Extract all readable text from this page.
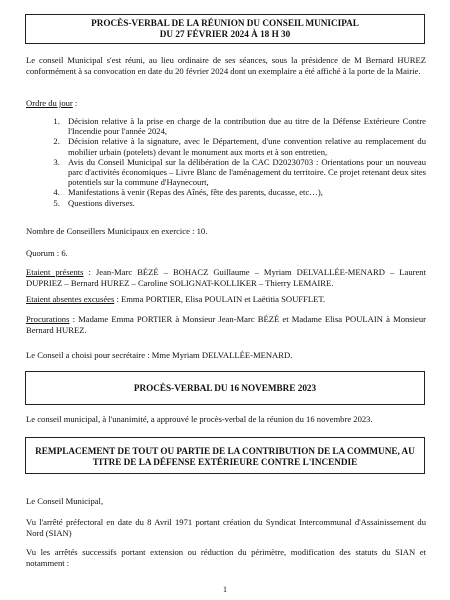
PROCÈS-VERBAL DE LA RÉUNION DU CONSEIL MUNICIPAL
DU 27 FÉVRIER 2024 À 18 H 30
Le conseil Municipal s'est réuni, au lieu ordinaire de ses séances, sous la présidence de M Bernard HUREZ conformément à sa convocation en date du 20 février 2024 dont un exemplaire a été affiché à la porte de la Mairie.
Ordre du jour :
1. Décision relative à la prise en charge de la contribution due au titre de la Défense Extérieure Contre l'Incendie pour l'année 2024,
2. Décision relative à la signature, avec le Département, d'une convention relative au remplacement du mobilier urbain (potelets) devant le monument aux morts et à son entretien,
3. Avis du Conseil Municipal sur la délibération de la CAC D20230703 : Orientations pour un nouveau parc d'activités économiques – Livre Blanc de l'aménagement du territoire. Ce projet retenant deux sites potentiels sur la commune d'Haynecourt,
4. Manifestations à venir (Repas des Aînés, fête des parents, ducasse, etc…),
5. Questions diverses.
Nombre de Conseillers Municipaux en exercice : 10.
Quorum : 6.
Etaient présents : Jean-Marc BÉZÉ – BOHACZ Guillaume – Myriam DELVALLÉE-MENARD – Laurent DUPRIEZ – Bernard HUREZ – Caroline SOLIGNAT-KOLLIKER – Thierry LEMAIRE.
Etaient absentes excusées : Emma PORTIER, Elisa POULAIN et Laëtitia SOUFFLET.
Procurations : Madame Emma PORTIER à Monsieur Jean-Marc BÉZÉ et Madame Elisa POULAIN à Monsieur Bernard HUREZ.
Le Conseil a choisi pour secrétaire : Mme Myriam DELVALLÉE-MENARD.
PROCÈS-VERBAL DU 16 NOVEMBRE 2023
Le conseil municipal, à l'unanimité, a approuvé le procès-verbal de la réunion du 16 novembre 2023.
REMPLACEMENT DE TOUT OU PARTIE DE LA CONTRIBUTION DE LA COMMUNE, AU
TITRE DE LA DÉFENSE EXTÉRIEURE CONTRE L'INCENDIE
Le Conseil Municipal,
Vu l'arrêté préfectoral en date du 8 Avril 1971 portant création du Syndicat Intercommunal d'Assainissement du Nord (SIAN)
Vu les arrêtés successifs portant extension ou réduction du périmètre, modification des statuts du SIAN et notamment :
1
